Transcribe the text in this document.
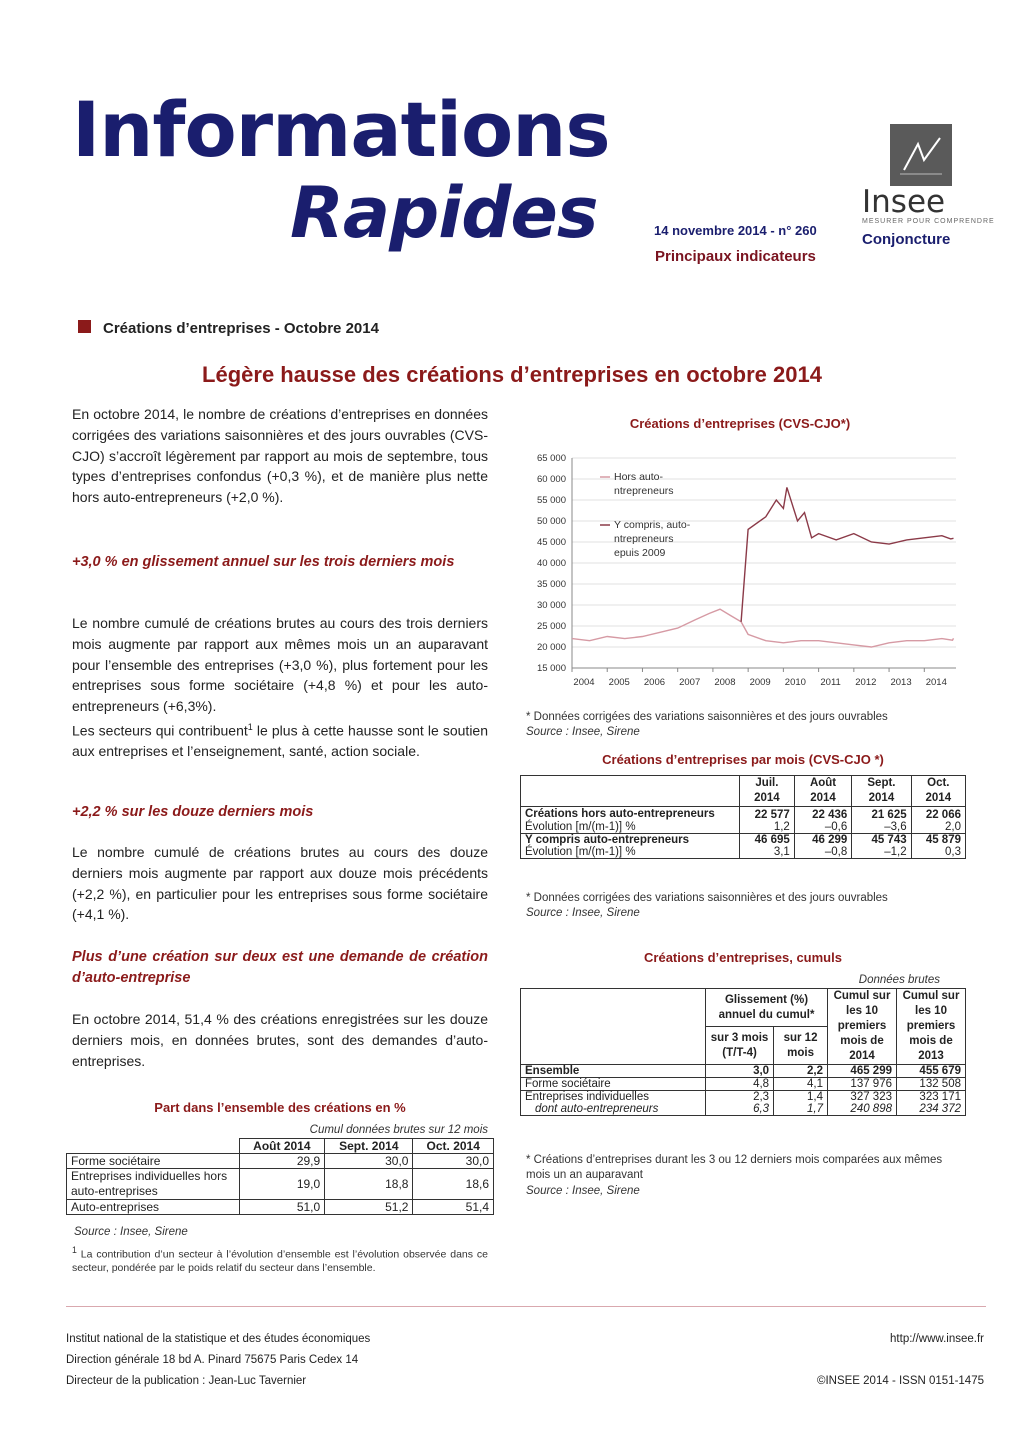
Informations
Rapides	14 novembre 2014 - n° 260
Principaux indicateurs
Insee
MESURER POUR COMPRENDRE
Conjoncture
Créations d’entreprises - Octobre 2014
Légère hausse des créations d’entreprises en octobre 2014
En octobre 2014, le nombre de créations d’entreprises en données corrigées des variations saisonnières et des jours ouvrables (CVS-CJO) s’accroît légèrement par rapport au mois de septembre, tous types d’entreprises confondus (+0,3 %), et de manière plus nette hors auto-entrepreneurs (+2,0 %).
+3,0 % en glissement annuel sur les trois derniers mois
Le nombre cumulé de créations brutes au cours des trois derniers mois augmente par rapport aux mêmes mois un an auparavant pour l’ensemble des entreprises (+3,0 %), plus fortement pour les entreprises sous forme sociétaire (+4,8 %) et pour les auto-entrepreneurs (+6,3%).
Les secteurs qui contribuent$^1$ le plus à cette hausse sont le soutien aux entreprises et l’enseignement, santé, action sociale.
+2,2 % sur les douze derniers mois
Le nombre cumulé de créations brutes au cours des douze derniers mois augmente par rapport aux douze mois précédents (+2,2 %), en particulier pour les entreprises sous forme sociétaire (+4,1 %).
Plus d’une création sur deux est une demande de création d’auto-entreprise
En octobre 2014, 51,4 % des créations enregistrées sur les douze derniers mois, en données brutes, sont des demandes d’auto-entreprises.
Part dans l’ensemble des créations en %
Cumul données brutes sur 12 mois
	Août 2014	Sept. 2014	Oct. 2014
Forme sociétaire	29,9	30,0	30,0
Entreprises individuelles hors auto-entreprises	19,0	18,8	18,6
Auto-entreprises	51,0	51,2	51,4
Source : Insee, Sirene
$^1$ La contribution d’un secteur à l’évolution d’ensemble est l’évolution observée dans ce secteur, pondérée par le poids relatif du secteur dans l’ensemble.
Créations d’entreprises (CVS-CJO*)
15 000
20 000
25 000
30 000
35 000
40 000
45 000
50 000
55 000
60 000
65 000
2004 2005 2006 2007 2008 2009 2010 2011 2012 2013 2014
Hors auto-ntrepreneurs
Y compris, auto-ntrepreneurs epuis 2009
* Données corrigées des variations saisonnières et des jours ouvrables
Source : Insee, Sirene
Créations d’entreprises par mois (CVS-CJO *)
	Juil. 2014	Août 2014	Sept. 2014	Oct. 2014
Créations hors auto-entrepreneurs	22 577	22 436	21 625	22 066
Évolution [m/(m-1)] %	1,2	–0,6	–3,6	2,0
Y compris auto-entrepreneurs	46 695	46 299	45 743	45 879
Évolution [m/(m-1)] %	3,1	–0,8	–1,2	0,3
* Données corrigées des variations saisonnières et des jours ouvrables
Source : Insee, Sirene
Créations d’entreprises, cumuls
Données brutes
	Glissement (%) annuel du cumul*		Cumul sur les 10 premiers mois de 2014	Cumul sur les 10 premiers mois de 2013
	sur 3 mois (T/T-4)	sur 12 mois		
Ensemble	3,0	2,2	465 299	455 679
Forme sociétaire	4,8	4,1	137 976	132 508
Entreprises individuelles	2,3	1,4	327 323	323 171
dont auto-entrepreneurs	6,3	1,7	240 898	234 372
* Créations d’entreprises durant les 3 ou 12 derniers mois comparées aux mêmes mois un an auparavant
Source : Insee, Sirene
Institut national de la statistique et des études économiques
Direction générale 18 bd A. Pinard 75675 Paris Cedex 14
Directeur de la publication : Jean-Luc Tavernier
http://www.insee.fr
©INSEE 2014 - ISSN 0151-1475
